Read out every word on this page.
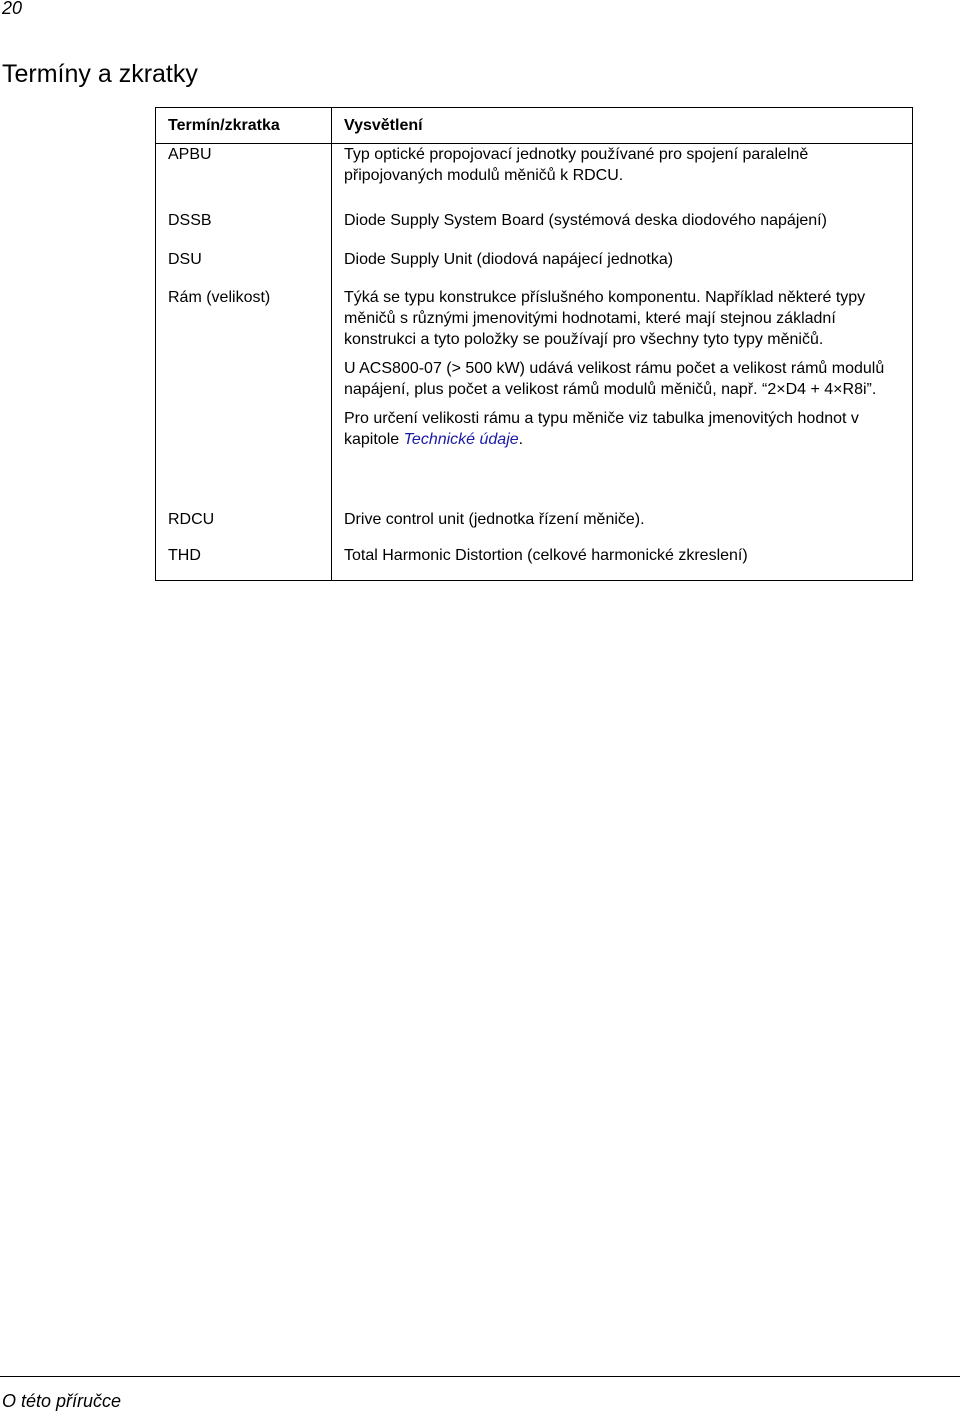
20
Termíny a zkratky
Termín/zkratka	Vysvětlení
APBU	Typ optické propojovací jednotky používané pro spojení paralelně připojovaných modulů měničů k RDCU.

DSSB	Diode Supply System Board (systémová deska diodového napájení)

DSU	Diode Supply Unit (diodová napájecí jednotka)

Rám (velikost)	Týká se typu konstrukce příslušného komponentu. Například některé typy měničů s různými jmenovitými hodnotami, které mají stejnou základní konstrukci a tyto položky se používají pro všechny tyto typy měničů.
U ACS800-07 (> 500 kW) udává velikost rámu počet a velikost rámů modulů napájení, plus počet a velikost rámů modulů měničů, např. “2×D4 + 4×R8i”.
Pro určení velikosti rámu a typu měniče viz tabulka jmenovitých hodnot v kapitole Technické údaje.

RDCU	Drive control unit (jednotka řízení měniče).

THD	Total Harmonic Distortion (celkové harmonické zkreslení)
O této příručce
